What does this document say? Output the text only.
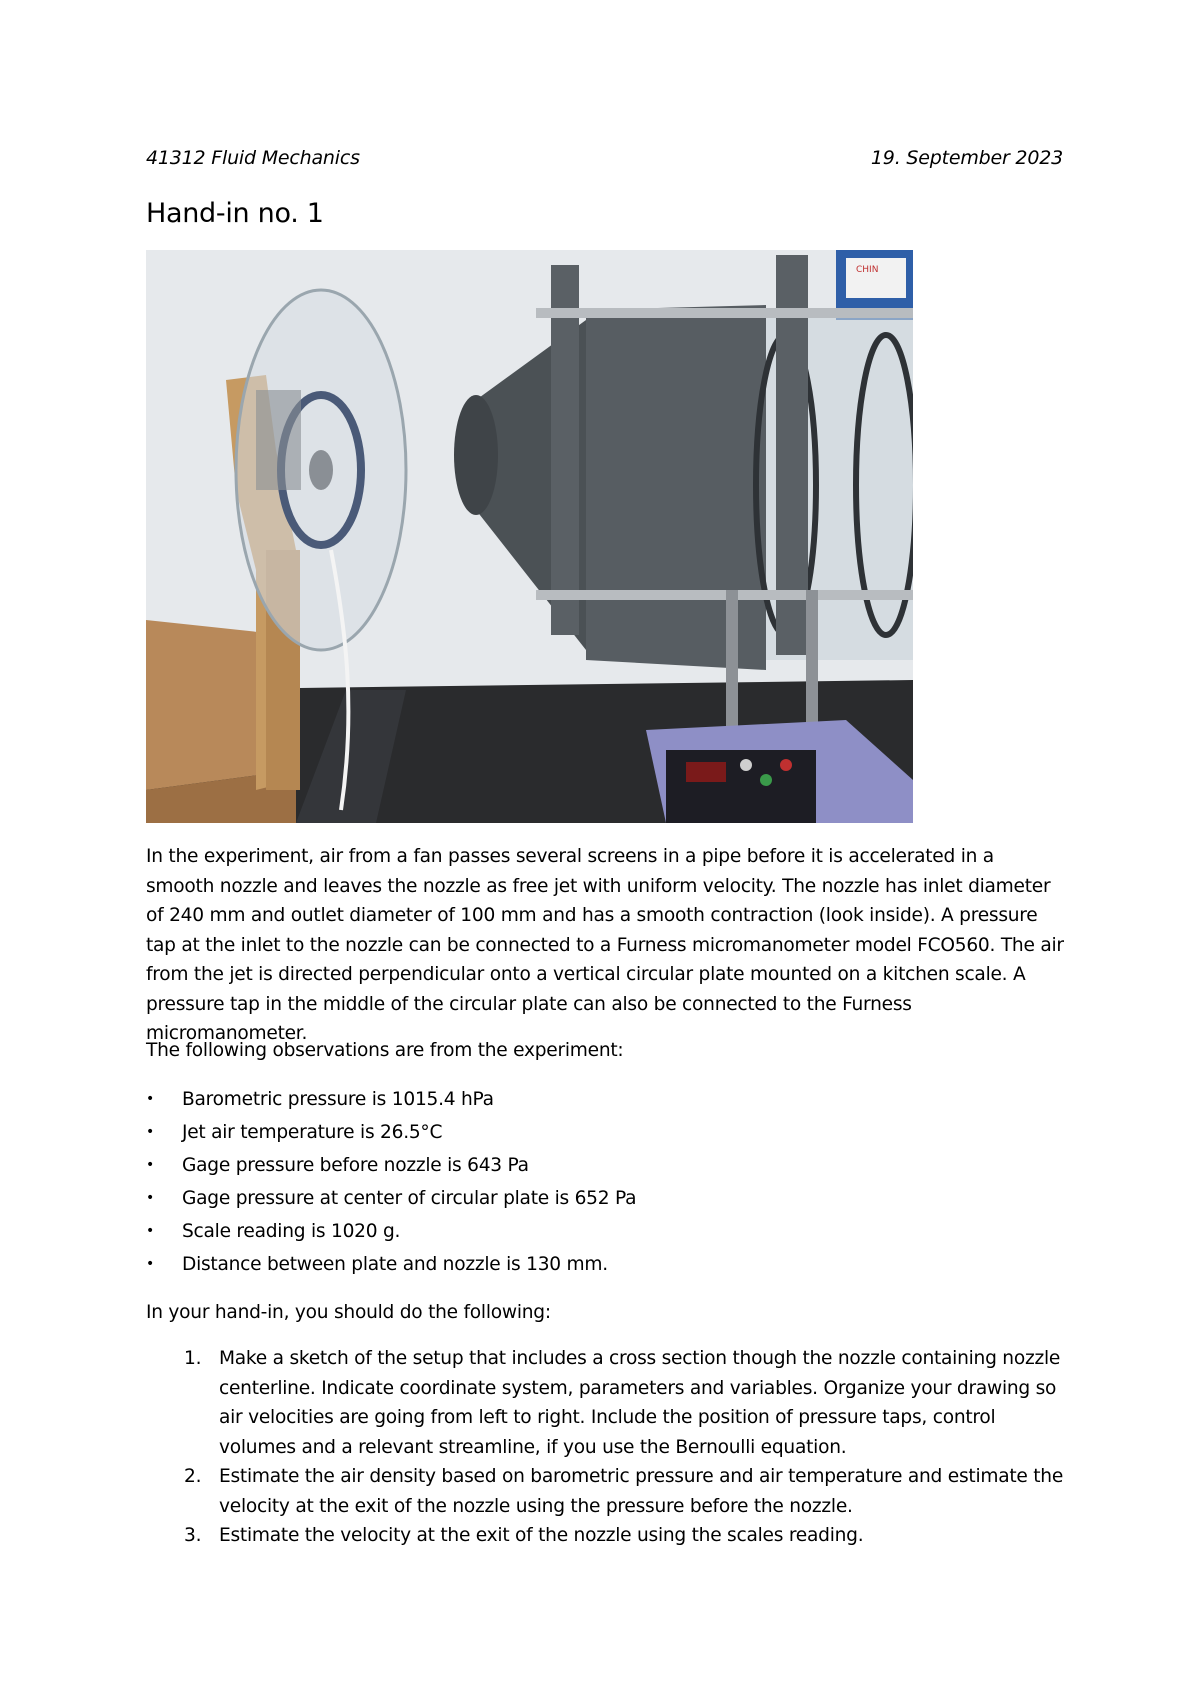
41312 Fluid Mechanics	19. September 2023
Hand-in no. 1
CHIN
In the experiment, air from a fan passes several screens in a pipe before it is accelerated in a smooth nozzle and leaves the nozzle as free jet with uniform velocity. The nozzle has inlet diameter of 240 mm and outlet diameter of 100 mm and has a smooth contraction (look inside). A pressure tap at the inlet to the nozzle can be connected to a Furness micromanometer model FCO560. The air from the jet is directed perpendicular onto a vertical circular plate mounted on a kitchen scale. A pressure tap in the middle of the circular plate can also be connected to the Furness micromanometer.
The following observations are from the experiment:
• Barometric pressure is 1015.4 hPa
• Jet air temperature is 26.5°C
• Gage pressure before nozzle is 643 Pa
• Gage pressure at center of circular plate is 652 Pa
• Scale reading is 1020 g.
• Distance between plate and nozzle is 130 mm.
In your hand-in, you should do the following:
1. Make a sketch of the setup that includes a cross section though the nozzle containing nozzle centerline. Indicate coordinate system, parameters and variables. Organize your drawing so air velocities are going from left to right. Include the position of pressure taps, control volumes and a relevant streamline, if you use the Bernoulli equation.
2. Estimate the air density based on barometric pressure and air temperature and estimate the velocity at the exit of the nozzle using the pressure before the nozzle.
3. Estimate the velocity at the exit of the nozzle using the scales reading.
